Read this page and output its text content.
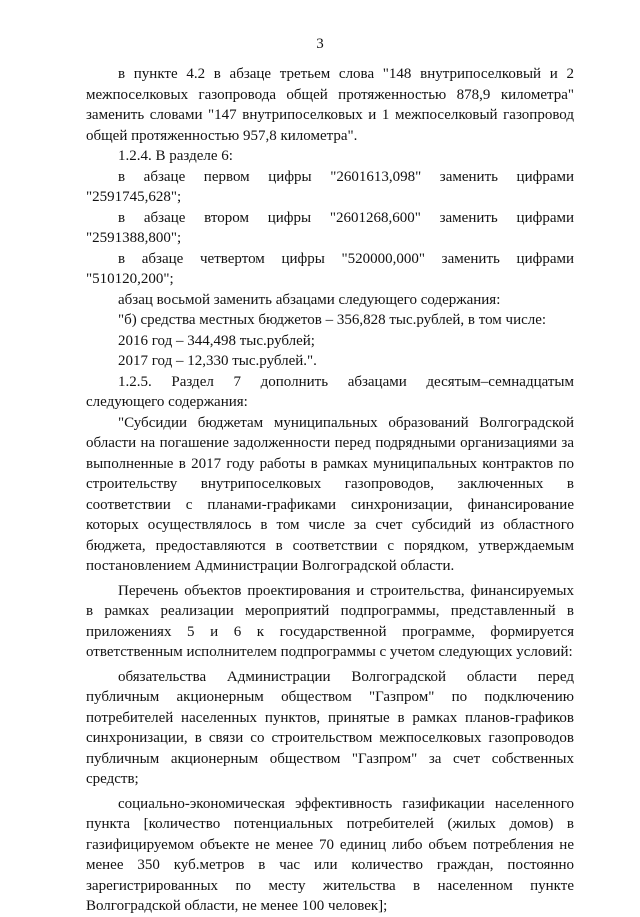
3

в пункте 4.2 в абзаце третьем слова "148 внутрипоселковый и 2 межпоселковых газопровода общей протяженностью 878,9 километра" заменить словами "147 внутрипоселковых и 1 межпоселковый газопровод общей протяженностью 957,8 километра".

1.2.4. В разделе 6:

в абзаце первом цифры "2601613,098" заменить цифрами "2591745,628";

в абзаце втором цифры "2601268,600" заменить цифрами "2591388,800";

в абзаце четвертом цифры "520000,000" заменить цифрами "510120,200";

абзац восьмой заменить абзацами следующего содержания:

"б) средства местных бюджетов – 356,828 тыс.рублей, в том числе:

2016 год – 344,498 тыс.рублей;

2017 год – 12,330 тыс.рублей.".

1.2.5. Раздел 7 дополнить абзацами десятым–семнадцатым следующего содержания:

"Субсидии бюджетам муниципальных образований Волгоградской области на погашение задолженности перед подрядными организациями за выполненные в 2017 году работы в рамках муниципальных контрактов по строительству внутрипоселковых газопроводов, заключенных в соответствии с планами-графиками синхронизации, финансирование которых осуществлялось в том числе за счет субсидий из областного бюджета, предоставляются в соответствии с порядком, утверждаемым постановлением Администрации Волгоградской области.

Перечень объектов проектирования и строительства, финансируемых в рамках реализации мероприятий подпрограммы, представленный в приложениях 5 и 6 к государственной программе, формируется ответственным исполнителем подпрограммы с учетом следующих условий:

обязательства Администрации Волгоградской области перед публичным акционерным обществом "Газпром" по подключению потребителей населенных пунктов, принятые в рамках планов-графиков синхронизации, в связи со строительством межпоселковых газопроводов публичным акционерным обществом "Газпром" за счет собственных средств;

социально-экономическая эффективность газификации населенного пункта [количество потенциальных потребителей (жилых домов) в газифицируемом объекте не менее 70 единиц либо объем потребления не менее 350 куб.метров в час или количество граждан, постоянно зарегистрированных по месту жительства в населенном пункте Волгоградской области, не менее 100 человек];
